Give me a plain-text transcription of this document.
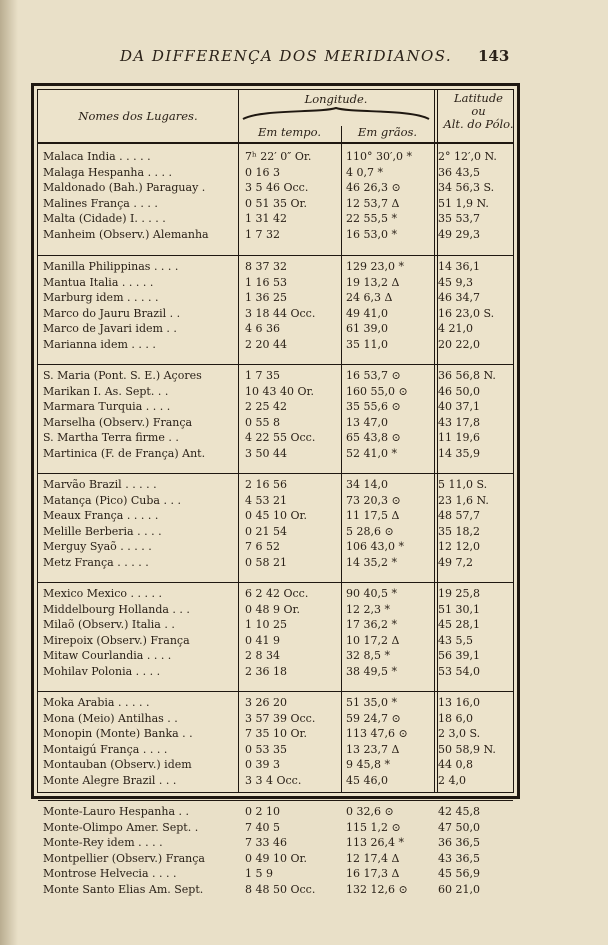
DA DIFFERENÇA DOS MERIDIANOS. 143
Nomes dos Lugares.
Longitude.
Em tempo.	Em grãos.
Latitude
ou
Alt. do Pólo.
Malaca India . . . . .	7ʰ 22′ 0″ Or.	110° 30′,0 *	2° 12′,0 N.
Malaga Hespanha . . . .	0 16 3	4 0,7 *	36 43,5
Maldonado (Bah.) Paraguay .	3 5 46 Occ.	46 26,3 ⊙	34 56,3 S.
Malines França . . . .	0 51 35 Or.	12 53,7 Δ	51 1,9 N.
Malta (Cidade) I. . . . .	1 31 42	22 55,5 *	35 53,7
Manheim (Observ.) Alemanha	1 7 32	16 53,0 *	49 29,3
Manilla Philippinas . . . .	8 37 32	129 23,0 *	14 36,1
Mantua Italia . . . . .	1 16 53	19 13,2 Δ	45 9,3
Marburg idem . . . . .	1 36 25	24 6,3 Δ	46 34,7
Marco do Jauru Brazil . .	3 18 44 Occ.	49 41,0	16 23,0 S.
Marco de Javari idem . .	4 6 36	61 39,0	4 21,0
Marianna idem . . . .	2 20 44	35 11,0	20 22,0
S. Maria (Pont. S. E.) Açores	1 7 35	16 53,7 ⊙	36 56,8 N.
Marikan I. As. Sept. . .	10 43 40 Or.	160 55,0 ⊙	46 50,0
Marmara Turquia . . . .	2 25 42	35 55,6 ⊙	40 37,1
Marselha (Observ.) França	0 55 8	13 47,0	43 17,8
S. Martha Terra firme . .	4 22 55 Occ.	65 43,8 ⊙	11 19,6
Martinica (F. de França) Ant.	3 50 44	52 41,0 *	14 35,9
Marvão Brazil . . . . .	2 16 56	34 14,0	5 11,0 S.
Matança (Pico) Cuba . . .	4 53 21	73 20,3 ⊙	23 1,6 N.
Meaux França . . . . .	0 45 10 Or.	11 17,5 Δ	48 57,7
Melille Berberia . . . .	0 21 54	5 28,6 ⊙	35 18,2
Merguy Syaõ . . . . .	7 6 52	106 43,0 *	12 12,0
Metz França . . . . .	0 58 21	14 35,2 *	49 7,2
Mexico Mexico . . . . .	6 2 42 Occ.	90 40,5 *	19 25,8
Middelbourg Hollanda . . .	0 48 9 Or.	12 2,3 *	51 30,1
Milaõ (Observ.) Italia . .	1 10 25	17 36,2 *	45 28,1
Mirepoix (Observ.) França	0 41 9	10 17,2 Δ	43 5,5
Mitaw Courlandia . . . .	2 8 34	32 8,5 *	56 39,1
Mohilav Polonia . . . .	2 36 18	38 49,5 *	53 54,0
Moka Arabia . . . . .	3 26 20	51 35,0 *	13 16,0
Mona (Meio) Antilhas . .	3 57 39 Occ.	59 24,7 ⊙	18 6,0
Monopin (Monte) Banka . .	7 35 10 Or.	113 47,6 ⊙	2 3,0 S.
Montaigú França . . . .	0 53 35	13 23,7 Δ	50 58,9 N.
Montauban (Observ.) idem	0 39 3	9 45,8 *	44 0,8
Monte Alegre Brazil . . .	3 3 4 Occ.	45 46,0	2 4,0
Monte-Lauro Hespanha . .	0 2 10	0 32,6 ⊙	42 45,8
Monte-Olimpo Amer. Sept. .	7 40 5	115 1,2 ⊙	47 50,0
Monte-Rey idem . . . .	7 33 46	113 26,4 *	36 36,5
Montpellier (Observ.) França	0 49 10 Or.	12 17,4 Δ	43 36,5
Montrose Helvecia . . . .	1 5 9	16 17,3 Δ	45 56,9
Monte Santo Elias Am. Sept.	8 48 50 Occ.	132 12,6 ⊙	60 21,0
